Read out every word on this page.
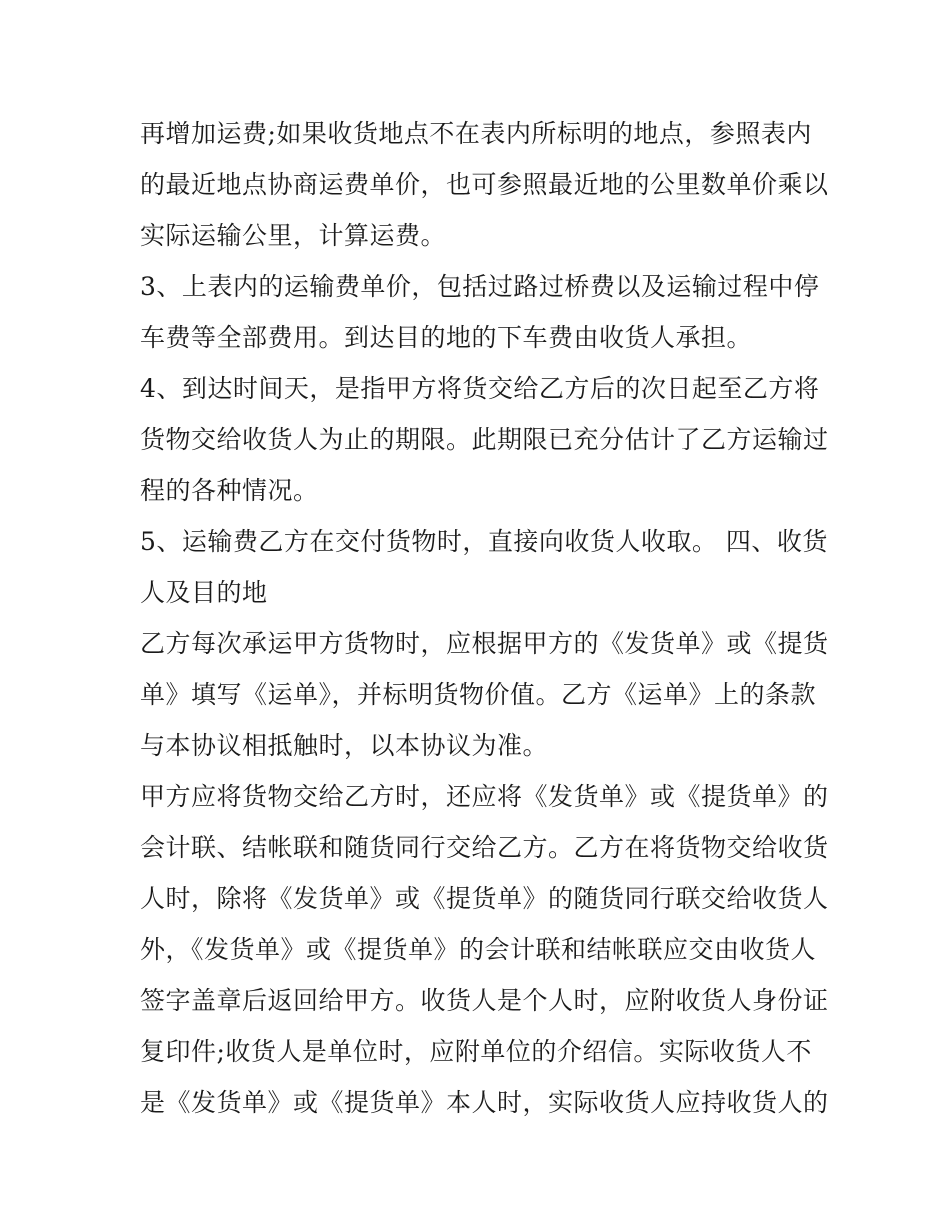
再增加运费;如果收货地点不在表内所标明的地点，参照表内
的最近地点协商运费单价，也可参照最近地的公里数单价乘以
实际运输公里，计算运费。
3、上表内的运输费单价，包括过路过桥费以及运输过程中停
车费等全部费用。到达目的地的下车费由收货人承担。
4、到达时间天，是指甲方将货交给乙方后的次日起至乙方将
货物交给收货人为止的期限。此期限已充分估计了乙方运输过
程的各种情况。
5、运输费乙方在交付货物时，直接向收货人收取。 四、收货
人及目的地
乙方每次承运甲方货物时，应根据甲方的《发货单》或《提货
单》填写《运单》，并标明货物价值。乙方《运单》上的条款
与本协议相抵触时，以本协议为准。
甲方应将货物交给乙方时，还应将《发货单》或《提货单》的
会计联、结帐联和随货同行交给乙方。乙方在将货物交给收货
人时，除将《发货单》或《提货单》的随货同行联交给收货人
外，《发货单》或《提货单》的会计联和结帐联应交由收货人
签字盖章后返回给甲方。收货人是个人时，应附收货人身份证
复印件;收货人是单位时，应附单位的介绍信。实际收货人不
是《发货单》或《提货单》本人时，实际收货人应持收货人的
